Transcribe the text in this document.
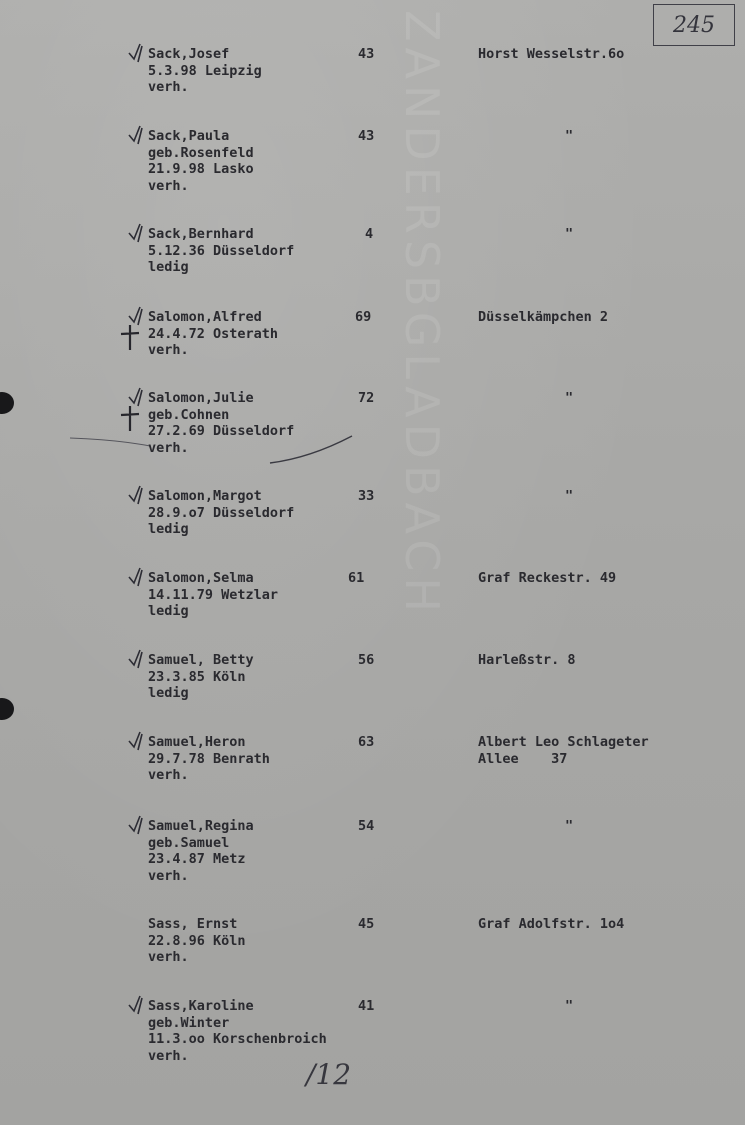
ZANDERSBGLADBACH	245
Sack,Josef
5.3.98 Leipzig
verh.
43	Horst Wesselstr.6o
Sack,Paula
geb.Rosenfeld
21.9.98 Lasko
verh.
43	"
Sack,Bernhard
5.12.36 Düsseldorf
ledig
4	"
Salomon,Alfred
24.4.72 Osterath
verh.
69	Düsselkämpchen 2
Salomon,Julie
geb.Cohnen
27.2.69 Düsseldorf
verh.
72	"
Salomon,Margot
28.9.o7 Düsseldorf
ledig
33	"
Salomon,Selma
14.11.79 Wetzlar
ledig
61	Graf Reckestr. 49
Samuel, Betty
23.3.85 Köln
ledig
56	Harleßstr. 8
Samuel,Heron
29.7.78 Benrath
verh.
63	Albert Leo Schlageter
Allee    37
Samuel,Regina
geb.Samuel
23.4.87 Metz
verh.
54	"
Sass, Ernst
22.8.96 Köln
verh.
45	Graf Adolfstr. 1o4
Sass,Karoline
geb.Winter
11.3.oo Korschenbroich
verh.
41	"
/12
